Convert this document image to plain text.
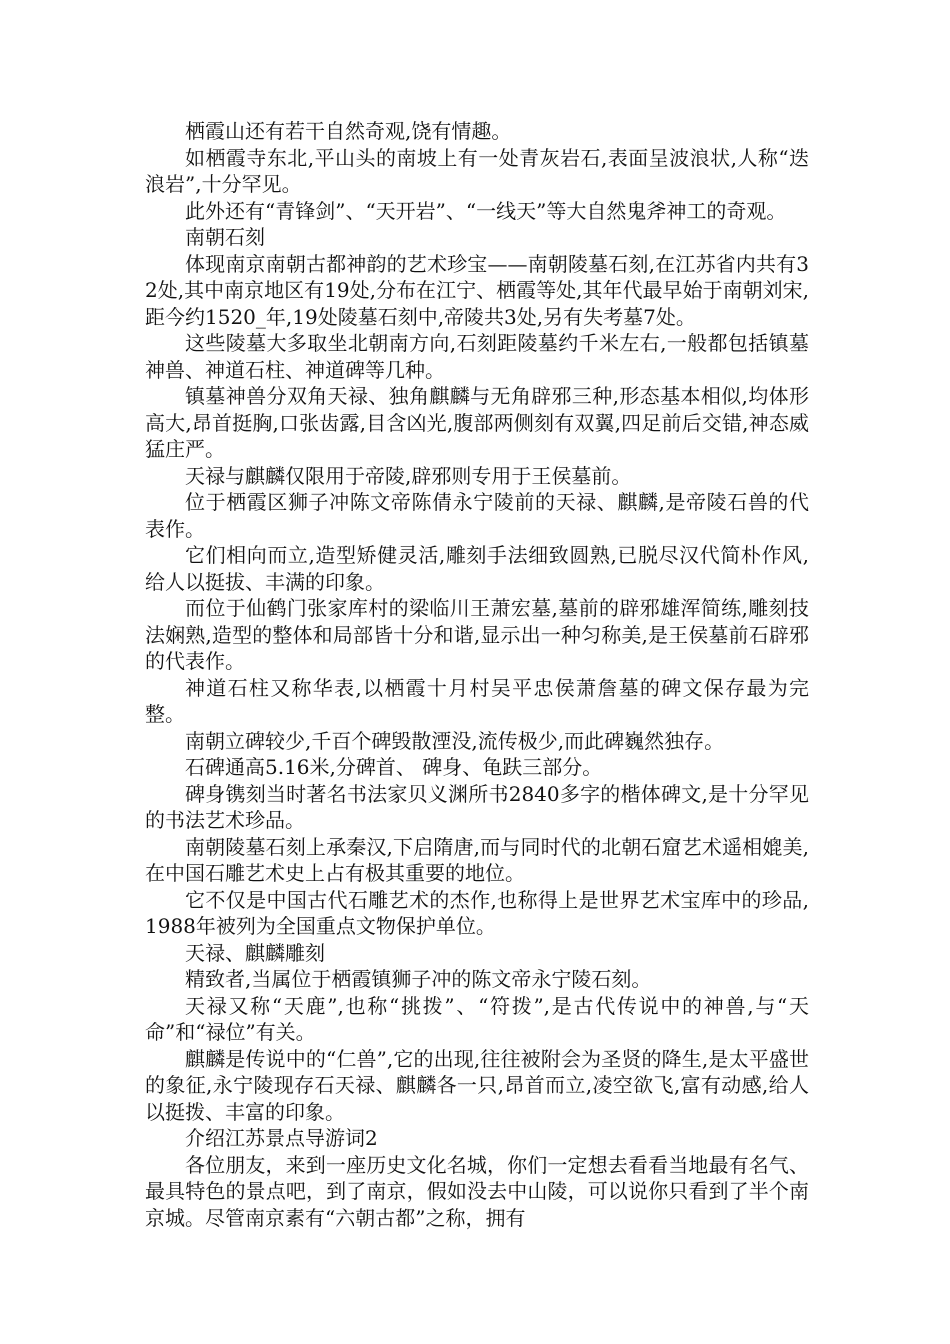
栖霞山还有若干自然奇观,饶有情趣。

如栖霞寺东北,平山头的南坡上有一处青灰岩石,表面呈波浪状,人称“迭浪岩”,十分罕见。

此外还有“青锋剑”、“天开岩”、“一线天”等大自然鬼斧神工的奇观。

南朝石刻

体现南京南朝古都神韵的艺术珍宝——南朝陵墓石刻,在江苏省内共有32处,其中南京地区有19处,分布在江宁、栖霞等处,其年代最早始于南朝刘宋,距今约1520_年,19处陵墓石刻中,帝陵共3处,另有失考墓7处。

这些陵墓大多取坐北朝南方向,石刻距陵墓约千米左右,一般都包括镇墓神兽、神道石柱、神道碑等几种。

镇墓神兽分双角天禄、独角麒麟与无角辟邪三种,形态基本相似,均体形高大,昂首挺胸,口张齿露,目含凶光,腹部两侧刻有双翼,四足前后交错,神态威猛庄严。

天禄与麒麟仅限用于帝陵,辟邪则专用于王侯墓前。

位于栖霞区狮子冲陈文帝陈倩永宁陵前的天禄、麒麟,是帝陵石兽的代表作。

它们相向而立,造型矫健灵活,雕刻手法细致圆熟,已脱尽汉代简朴作风,给人以挺拔、丰满的印象。

而位于仙鹤门张家库村的梁临川王萧宏墓,墓前的辟邪雄浑简练,雕刻技法娴熟,造型的整体和局部皆十分和谐,显示出一种匀称美,是王侯墓前石辟邪的代表作。

神道石柱又称华表,以栖霞十月村吴平忠侯萧詹墓的碑文保存最为完整。

南朝立碑较少,千百个碑毁散湮没,流传极少,而此碑巍然独存。

石碑通高5.16米,分碑首、 碑身、龟趺三部分。

碑身镌刻当时著名书法家贝义渊所书2840多字的楷体碑文,是十分罕见的书法艺术珍品。

南朝陵墓石刻上承秦汉,下启隋唐,而与同时代的北朝石窟艺术遥相媲美,在中国石雕艺术史上占有极其重要的地位。

它不仅是中国古代石雕艺术的杰作,也称得上是世界艺术宝库中的珍品,1988年被列为全国重点文物保护单位。

天禄、麒麟雕刻

精致者,当属位于栖霞镇狮子冲的陈文帝永宁陵石刻。

天禄又称“天鹿”,也称“挑拨”、“符拨”,是古代传说中的神兽,与“天命”和“禄位”有关。

麒麟是传说中的“仁兽”,它的出现,往往被附会为圣贤的降生,是太平盛世的象征,永宁陵现存石天禄、麒麟各一只,昂首而立,凌空欲飞,富有动感,给人以挺拨、丰富的印象。

介绍江苏景点导游词2

各位朋友，来到一座历史文化名城，你们一定想去看看当地最有名气、最具特色的景点吧，到了南京，假如没去中山陵，可以说你只看到了半个南京城。尽管南京素有“六朝古都”之称，拥有
